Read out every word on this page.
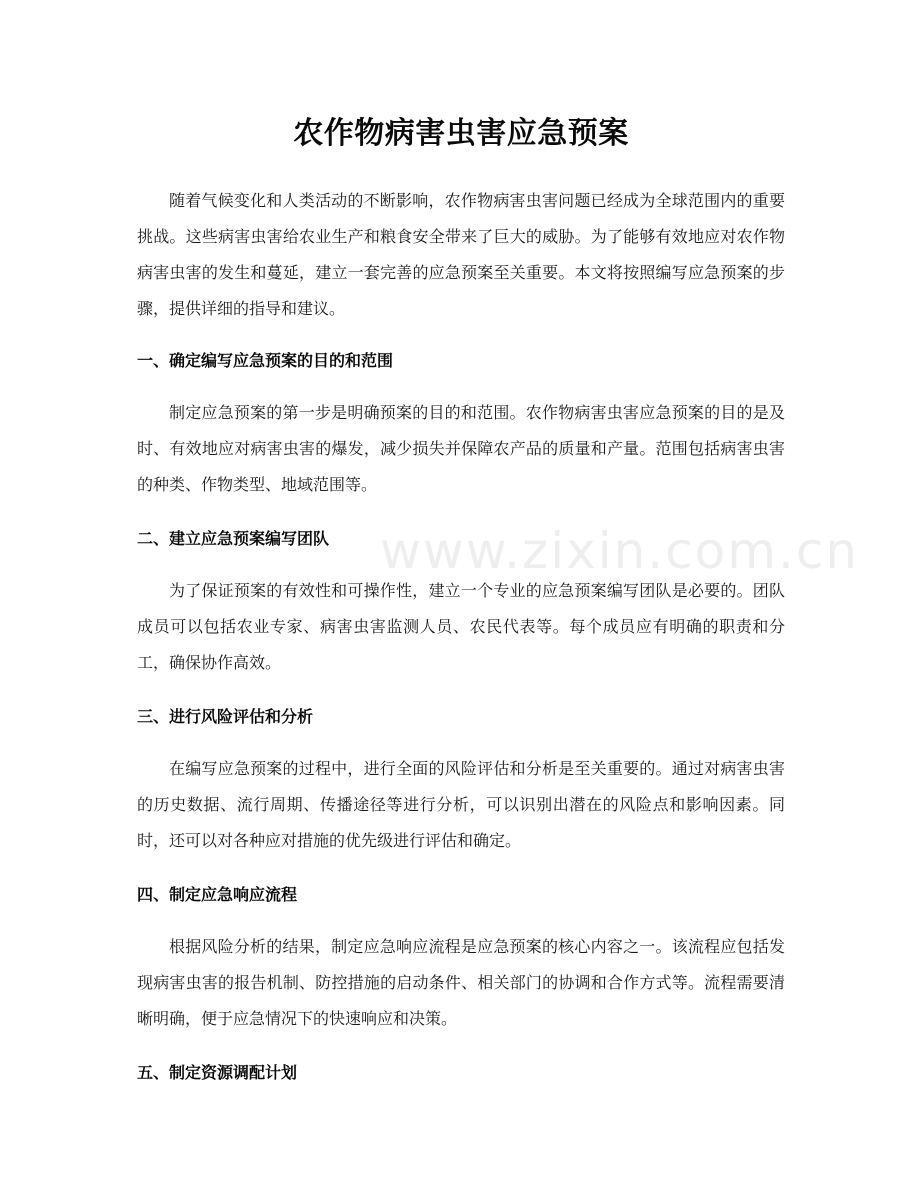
www.zixin.com.cn
农作物病害虫害应急预案

随着气候变化和人类活动的不断影响，农作物病害虫害问题已经成为全球范围内的重要挑战。这些病害虫害给农业生产和粮食安全带来了巨大的威胁。为了能够有效地应对农作物病害虫害的发生和蔓延，建立一套完善的应急预案至关重要。本文将按照编写应急预案的步骤，提供详细的指导和建议。

一、确定编写应急预案的目的和范围

制定应急预案的第一步是明确预案的目的和范围。农作物病害虫害应急预案的目的是及时、有效地应对病害虫害的爆发，减少损失并保障农产品的质量和产量。范围包括病害虫害的种类、作物类型、地域范围等。

二、建立应急预案编写团队

为了保证预案的有效性和可操作性，建立一个专业的应急预案编写团队是必要的。团队成员可以包括农业专家、病害虫害监测人员、农民代表等。每个成员应有明确的职责和分工，确保协作高效。

三、进行风险评估和分析

在编写应急预案的过程中，进行全面的风险评估和分析是至关重要的。通过对病害虫害的历史数据、流行周期、传播途径等进行分析，可以识别出潜在的风险点和影响因素。同时，还可以对各种应对措施的优先级进行评估和确定。

四、制定应急响应流程

根据风险分析的结果，制定应急响应流程是应急预案的核心内容之一。该流程应包括发现病害虫害的报告机制、防控措施的启动条件、相关部门的协调和合作方式等。流程需要清晰明确，便于应急情况下的快速响应和决策。

五、制定资源调配计划
